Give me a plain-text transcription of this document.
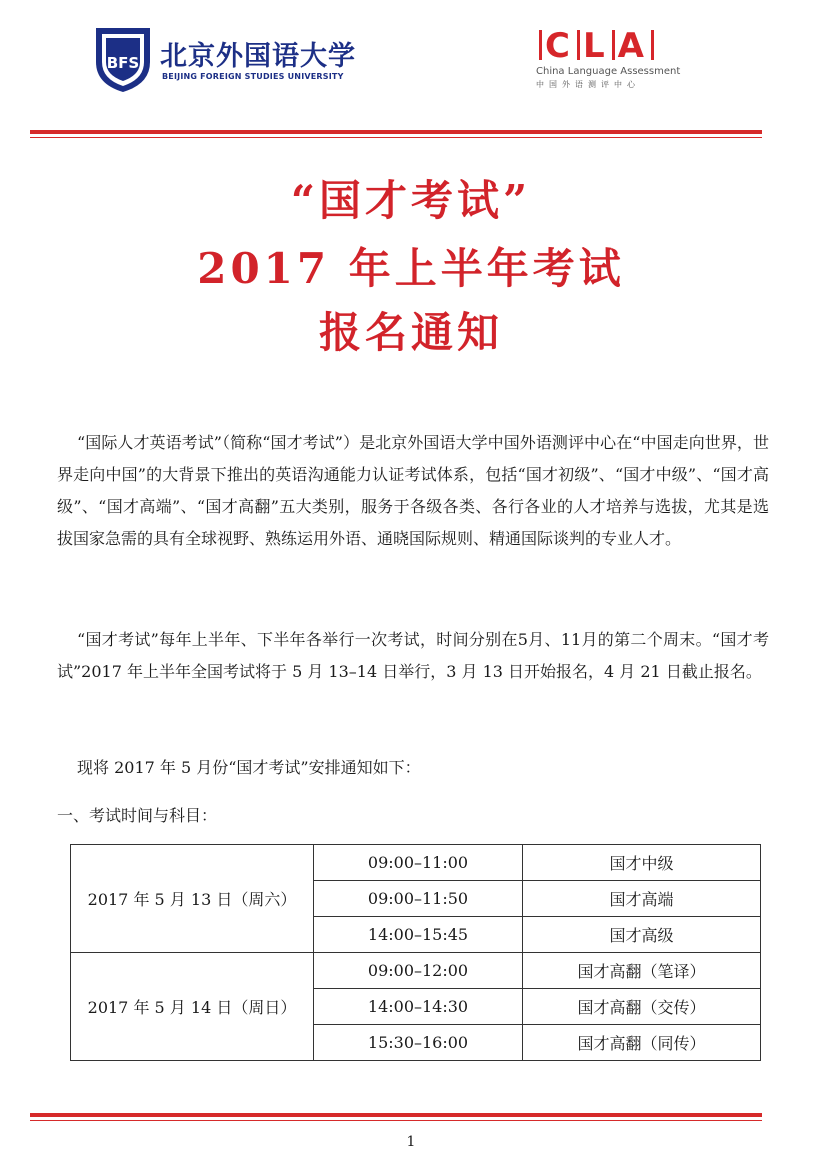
BFS 北京外国语大学
BEIJING FOREIGN STUDIES UNIVERSITY
C L A
China Language Assessment
中国外语测评中心
“国才考试”
2017 年上半年考试
报名通知
“国际人才英语考试”（简称“国才考试”）是北京外国语大学中国外语测评中心在“中国走向世界，世界走向中国”的大背景下推出的英语沟通能力认证考试体系，包括“国才初级”、“国才中级”、“国才高级”、“国才高端”、“国才高翻”五大类别，服务于各级各类、各行各业的人才培养与选拔，尤其是选拔国家急需的具有全球视野、熟练运用外语、通晓国际规则、精通国际谈判的专业人才。
“国才考试”每年上半年、下半年各举行一次考试，时间分别在5月、11月的第二个周末。“国才考试”2017 年上半年全国考试将于 5 月 13–14 日举行，3 月 13 日开始报名，4 月 21 日截止报名。
现将 2017 年 5 月份“国才考试”安排通知如下：
一、考试时间与科目：
2017 年 5 月 13 日（周六）	09:00–11:00	国才中级
	09:00–11:50	国才高端
	14:00–15:45	国才高级
2017 年 5 月 14 日（周日）	09:00–12:00	国才高翻（笔译）
	14:00–14:30	国才高翻（交传）
	15:30–16:00	国才高翻（同传）
1
